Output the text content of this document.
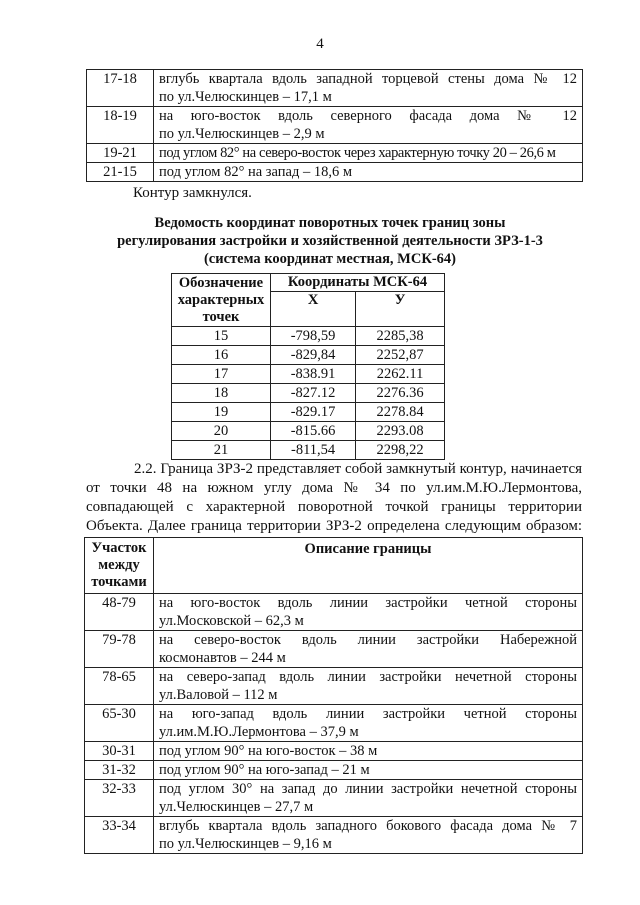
4
17-18	вглубь квартала вдоль западной торцевой стены дома № 12
по ул.Челюскинцев – 17,1 м

18-19	на юго-восток вдоль северного фасада дома № 12
по ул.Челюскинцев – 2,9 м

19-21	под углом 82° на северо-восток через характерную точку 20 – 26,6 м

21-15	под углом 82° на запад – 18,6 м
Контур замкнулся.
Ведомость координат поворотных точек границ зоны
регулирования застройки и хозяйственной деятельности ЗРЗ-1-3
(система координат местная, МСК-64)
Обозначение характерных точек	Координаты МСК-64	
	Х	У
15	-798,59	2285,38
16	-829,84	2252,87
17	-838.91	2262.11
18	-827.12	2276.36
19	-829.17	2278.84
20	-815.66	2293.08
21	-811,54	2298,22
2.2. Граница ЗРЗ-2 представляет собой замкнутый контур, начинается
от точки 48 на южном углу дома № 34 по ул.им.М.Ю.Лермонтова,
совпадающей с характерной поворотной точкой границы территории
Объекта. Далее граница территории ЗРЗ-2 определена следующим образом:
Участок между точками	Описание границы
48-79	на юго-восток вдоль линии застройки четной стороны
ул.Московской – 62,3 м

79-78	на северо-восток вдоль линии застройки Набережной
космонавтов – 244 м

78-65	на северо-запад вдоль линии застройки нечетной стороны
ул.Валовой – 112 м

65-30	на юго-запад вдоль линии застройки четной стороны
ул.им.М.Ю.Лермонтова – 37,9 м

30-31	под углом 90° на юго-восток – 38 м

31-32	под углом 90° на юго-запад – 21 м

32-33	под углом 30° на запад до линии застройки нечетной стороны
ул.Челюскинцев – 27,7 м

33-34	вглубь квартала вдоль западного бокового фасада дома № 7
по ул.Челюскинцев – 9,16 м
